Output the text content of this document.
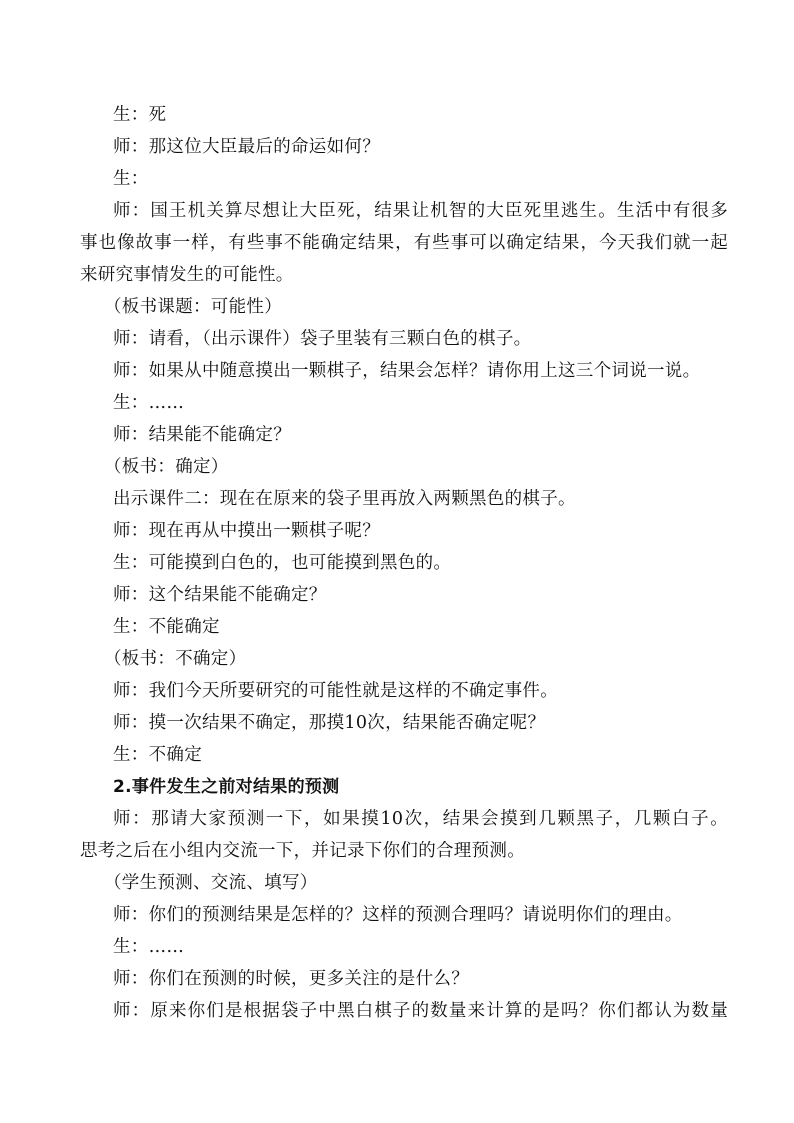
生：死
师：那这位大臣最后的命运如何？
生：
师：国王机关算尽想让大臣死，结果让机智的大臣死里逃生。生活中有很多
事也像故事一样，有些事不能确定结果，有些事可以确定结果，今天我们就一起
来研究事情发生的可能性。
（板书课题：可能性）
师：请看，（出示课件）袋子里装有三颗白色的棋子。
师：如果从中随意摸出一颗棋子，结果会怎样？请你用上这三个词说一说。
生：……
师：结果能不能确定？
（板书：确定）
出示课件二：现在在原来的袋子里再放入两颗黑色的棋子。
师：现在再从中摸出一颗棋子呢？
生：可能摸到白色的，也可能摸到黑色的。
师：这个结果能不能确定？
生：不能确定
（板书：不确定）
师：我们今天所要研究的可能性就是这样的不确定事件。
师：摸一次结果不确定，那摸10次，结果能否确定呢？
生：不确定
2.事件发生之前对结果的预测
师：那请大家预测一下，如果摸10次，结果会摸到几颗黑子，几颗白子。
思考之后在小组内交流一下，并记录下你们的合理预测。
（学生预测、交流、填写）
师：你们的预测结果是怎样的？这样的预测合理吗？请说明你们的理由。
生：……
师：你们在预测的时候，更多关注的是什么？
师：原来你们是根据袋子中黑白棋子的数量来计算的是吗？你们都认为数量
